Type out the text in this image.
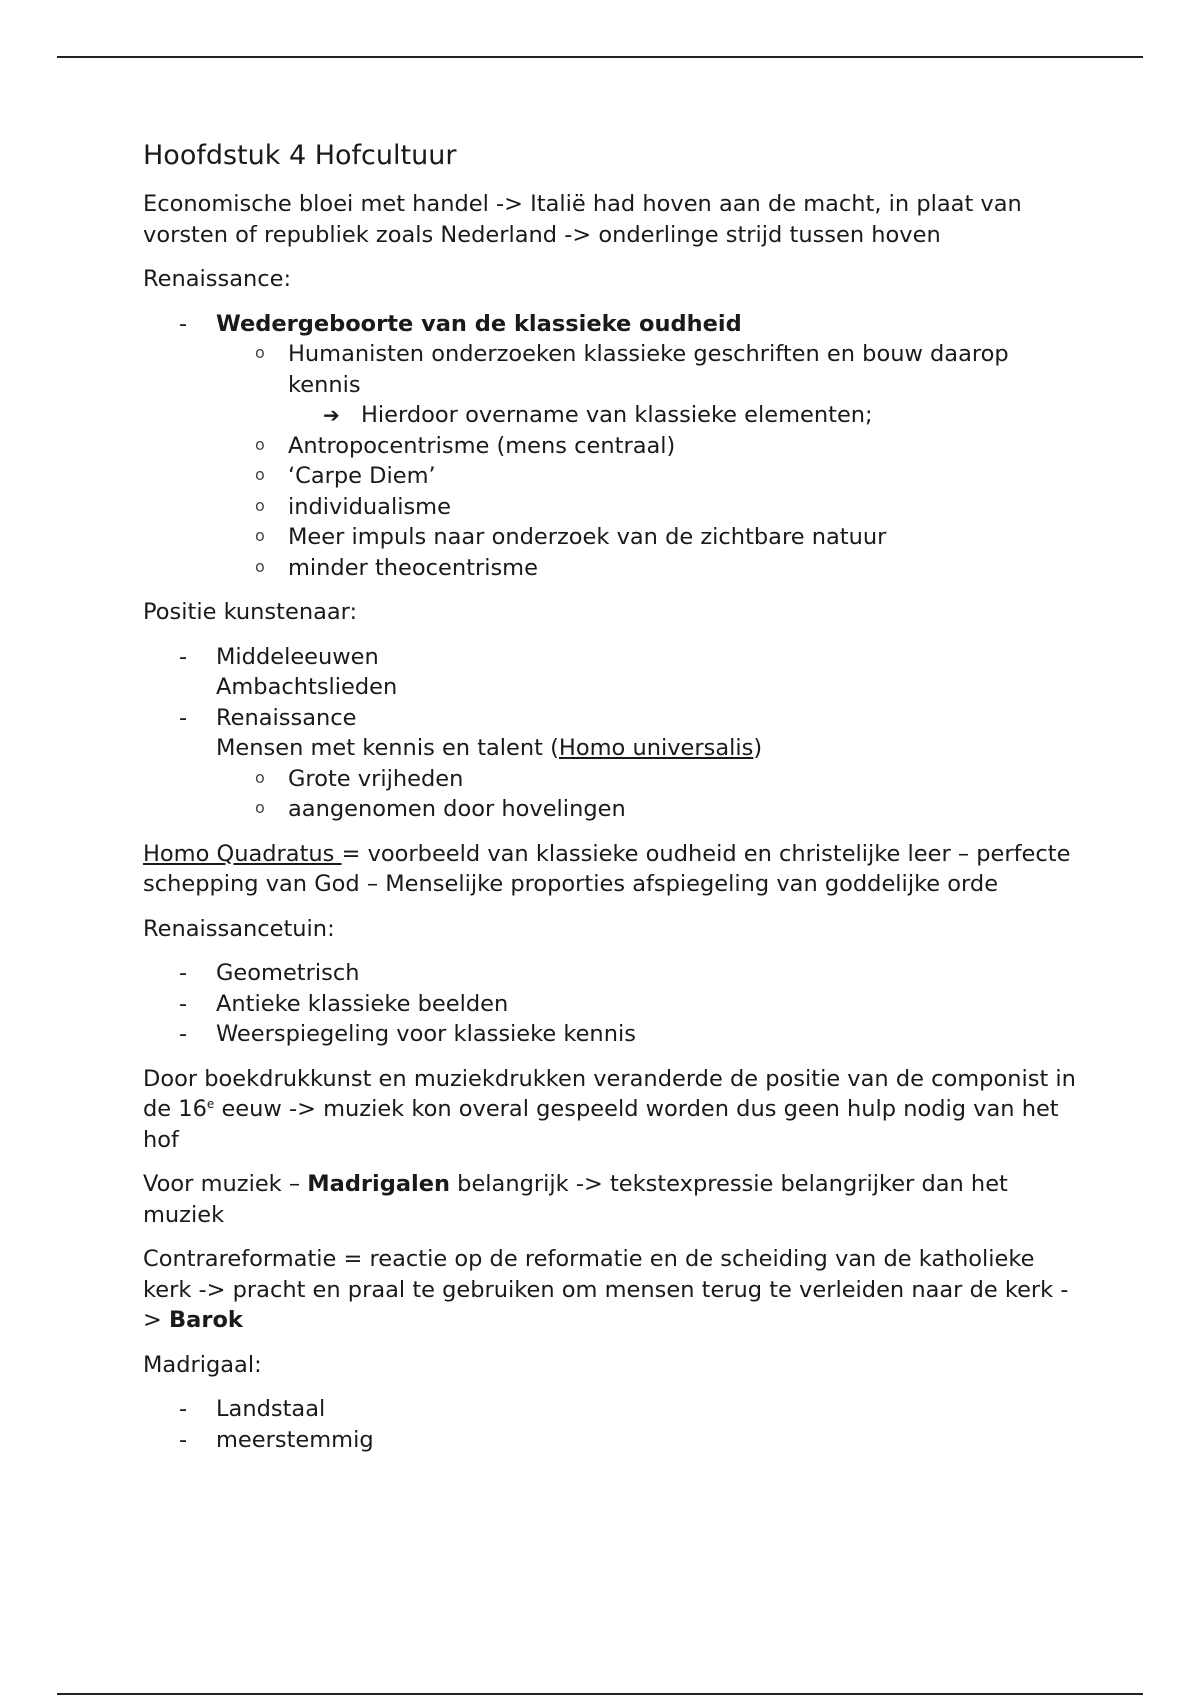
Hoofdstuk 4 Hofcultuur

Economische bloei met handel -> Italië had hoven aan de macht, in plaat van vorsten of republiek zoals Nederland -> onderlinge strijd tussen hoven

Renaissance:

- Wedergeboorte van de klassieke oudheid
o Humanisten onderzoeken klassieke geschriften en bouw daarop kennis
➔ Hierdoor overname van klassieke elementen;
o Antropocentrisme (mens centraal)
o ‘Carpe Diem’
o individualisme
o Meer impuls naar onderzoek van de zichtbare natuur
o minder theocentrisme

Positie kunstenaar:

- Middeleeuwen
Ambachtslieden
- Renaissance
Mensen met kennis en talent (Homo universalis)
o Grote vrijheden
o aangenomen door hovelingen

Homo Quadratus = voorbeeld van klassieke oudheid en christelijke leer – perfecte schepping van God – Menselijke proporties afspiegeling van goddelijke orde

Renaissancetuin:

- Geometrisch
- Antieke klassieke beelden
- Weerspiegeling voor klassieke kennis

Door boekdrukkunst en muziekdrukken veranderde de positie van de componist in de 16e eeuw -> muziek kon overal gespeeld worden dus geen hulp nodig van het hof

Voor muziek – Madrigalen belangrijk -> tekstexpressie belangrijker dan het muziek

Contrareformatie = reactie op de reformatie en de scheiding van de katholieke kerk -> pracht en praal te gebruiken om mensen terug te verleiden naar de kerk -> Barok

Madrigaal:

- Landstaal
- meerstemmig
